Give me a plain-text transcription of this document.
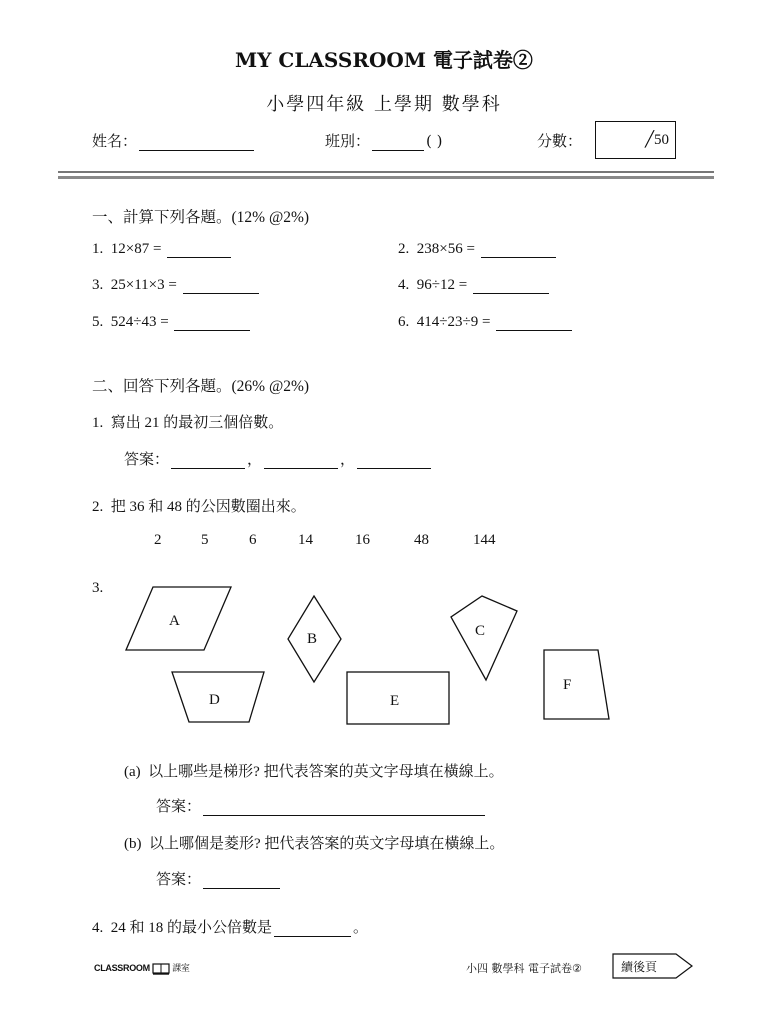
MY CLASSROOM 電子試卷②
小學四年級 上學期 數學科
姓名：	班別：	( )	分數：	╱50
一、計算下列各題。(12% @2%)
1. 12×87 =	2. 238×56 =
3. 25×11×3 =	4. 96÷12 =
5. 524÷43 =	6. 414÷23÷9 =
二、回答下列各題。(26% @2%)
1. 寫出 21 的最初三個倍數。
答案：	，	，
2. 把 36 和 48 的公因數圈出來。
2	5	6	14	16	48	144
3.
A
B	C
D	E
F
(a) 以上哪些是梯形? 把代表答案的英文字母填在橫線上。
答案：
(b) 以上哪個是菱形? 把代表答案的英文字母填在橫線上。
答案：
4. 24 和 18 的最小公倍數是	。
CLASSROOM 課室	小四 數學科 電子試卷②	續後頁
